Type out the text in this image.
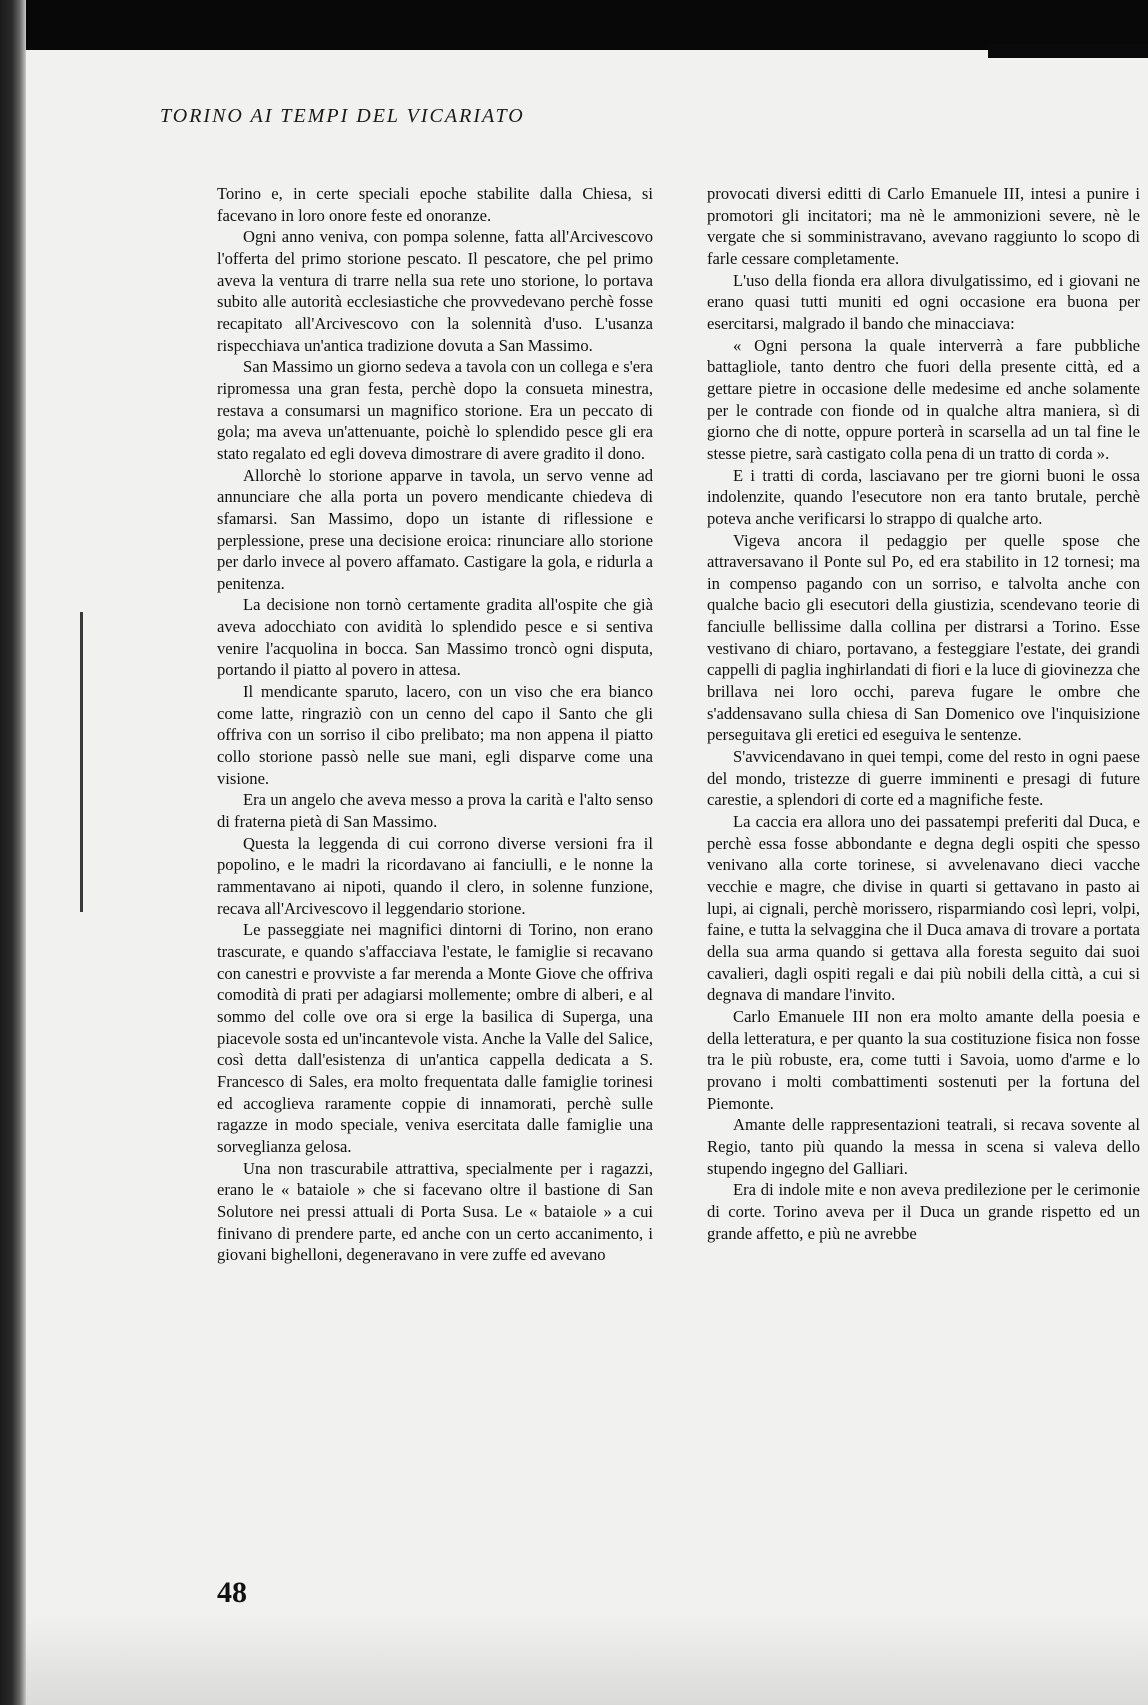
TORINO AI TEMPI DEL VICARIATO

Torino e, in certe speciali epoche stabilite dalla Chiesa, si facevano in loro onore feste ed onoranze.

Ogni anno veniva, con pompa solenne, fatta all'Arcivescovo l'offerta del primo storione pescato. Il pescatore, che pel primo aveva la ventura di trarre nella sua rete uno storione, lo portava subito alle autorità ecclesiastiche che provvedevano perchè fosse recapitato all'Arcivescovo con la solennità d'uso. L'usanza rispecchiava un'antica tradizione dovuta a San Massimo.

San Massimo un giorno sedeva a tavola con un collega e s'era ripromessa una gran festa, perchè dopo la consueta minestra, restava a consumarsi un magnifico storione. Era un peccato di gola; ma aveva un'attenuante, poichè lo splendido pesce gli era stato regalato ed egli doveva dimostrare di avere gradito il dono.

Allorchè lo storione apparve in tavola, un servo venne ad annunciare che alla porta un povero mendicante chiedeva di sfamarsi. San Massimo, dopo un istante di riflessione e perplessione, prese una decisione eroica: rinunciare allo storione per darlo invece al povero affamato. Castigare la gola, e ridurla a penitenza.

La decisione non tornò certamente gradita all'ospite che già aveva adocchiato con avidità lo splendido pesce e si sentiva venire l'acquolina in bocca. San Massimo troncò ogni disputa, portando il piatto al povero in attesa.

Il mendicante sparuto, lacero, con un viso che era bianco come latte, ringraziò con un cenno del capo il Santo che gli offriva con un sorriso il cibo prelibato; ma non appena il piatto collo storione passò nelle sue mani, egli disparve come una visione.

Era un angelo che aveva messo a prova la carità e l'alto senso di fraterna pietà di San Massimo.

Questa la leggenda di cui corrono diverse versioni fra il popolino, e le madri la ricordavano ai fanciulli, e le nonne la rammentavano ai nipoti, quando il clero, in solenne funzione, recava all'Arcivescovo il leggendario storione.

Le passeggiate nei magnifici dintorni di Torino, non erano trascurate, e quando s'affacciava l'estate, le famiglie si recavano con canestri e provviste a far merenda a Monte Giove che offriva comodità di prati per adagiarsi mollemente; ombre di alberi, e al sommo del colle ove ora si erge la basilica di Superga, una piacevole sosta ed un'incantevole vista. Anche la Valle del Salice, così detta dall'esistenza di un'antica cappella dedicata a S. Francesco di Sales, era molto frequentata dalle famiglie torinesi ed accoglieva raramente coppie di innamorati, perchè sulle ragazze in modo speciale, veniva esercitata dalle famiglie una sorveglianza gelosa.

Una non trascurabile attrattiva, specialmente per i ragazzi, erano le « bataiole » che si facevano oltre il bastione di San Solutore nei pressi attuali di Porta Susa. Le « bataiole » a cui finivano di prendere parte, ed anche con un certo accanimento, i giovani bighelloni, degeneravano in vere zuffe ed avevano

provocati diversi editti di Carlo Emanuele III, intesi a punire i promotori gli incitatori; ma nè le ammonizioni severe, nè le vergate che si somministravano, avevano raggiunto lo scopo di farle cessare completamente.

L'uso della fionda era allora divulgatissimo, ed i giovani ne erano quasi tutti muniti ed ogni occasione era buona per esercitarsi, malgrado il bando che minacciava:

« Ogni persona la quale interverrà a fare pubbliche battagliole, tanto dentro che fuori della presente città, ed a gettare pietre in occasione delle medesime ed anche solamente per le contrade con fionde od in qualche altra maniera, sì di giorno che di notte, oppure porterà in scarsella ad un tal fine le stesse pietre, sarà castigato colla pena di un tratto di corda ».

E i tratti di corda, lasciavano per tre giorni buoni le ossa indolenzite, quando l'esecutore non era tanto brutale, perchè poteva anche verificarsi lo strappo di qualche arto.

Vigeva ancora il pedaggio per quelle spose che attraversavano il Ponte sul Po, ed era stabilito in 12 tornesi; ma in compenso pagando con un sorriso, e talvolta anche con qualche bacio gli esecutori della giustizia, scendevano teorie di fanciulle bellissime dalla collina per distrarsi a Torino. Esse vestivano di chiaro, portavano, a festeggiare l'estate, dei grandi cappelli di paglia inghirlandati di fiori e la luce di giovinezza che brillava nei loro occhi, pareva fugare le ombre che s'addensavano sulla chiesa di San Domenico ove l'inquisizione perseguitava gli eretici ed eseguiva le sentenze.

S'avvicendavano in quei tempi, come del resto in ogni paese del mondo, tristezze di guerre imminenti e presagi di future carestie, a splendori di corte ed a magnifiche feste.

La caccia era allora uno dei passatempi preferiti dal Duca, e perchè essa fosse abbondante e degna degli ospiti che spesso venivano alla corte torinese, si avvelenavano dieci vacche vecchie e magre, che divise in quarti si gettavano in pasto ai lupi, ai cignali, perchè morissero, risparmiando così lepri, volpi, faine, e tutta la selvaggina che il Duca amava di trovare a portata della sua arma quando si gettava alla foresta seguito dai suoi cavalieri, dagli ospiti regali e dai più nobili della città, a cui si degnava di mandare l'invito.

Carlo Emanuele III non era molto amante della poesia e della letteratura, e per quanto la sua costituzione fisica non fosse tra le più robuste, era, come tutti i Savoia, uomo d'arme e lo provano i molti combattimenti sostenuti per la fortuna del Piemonte.

Amante delle rappresentazioni teatrali, si recava sovente al Regio, tanto più quando la messa in scena si valeva dello stupendo ingegno del Galliari.

Era di indole mite e non aveva predilezione per le cerimonie di corte. Torino aveva per il Duca un grande rispetto ed un grande affetto, e più ne avrebbe

48
